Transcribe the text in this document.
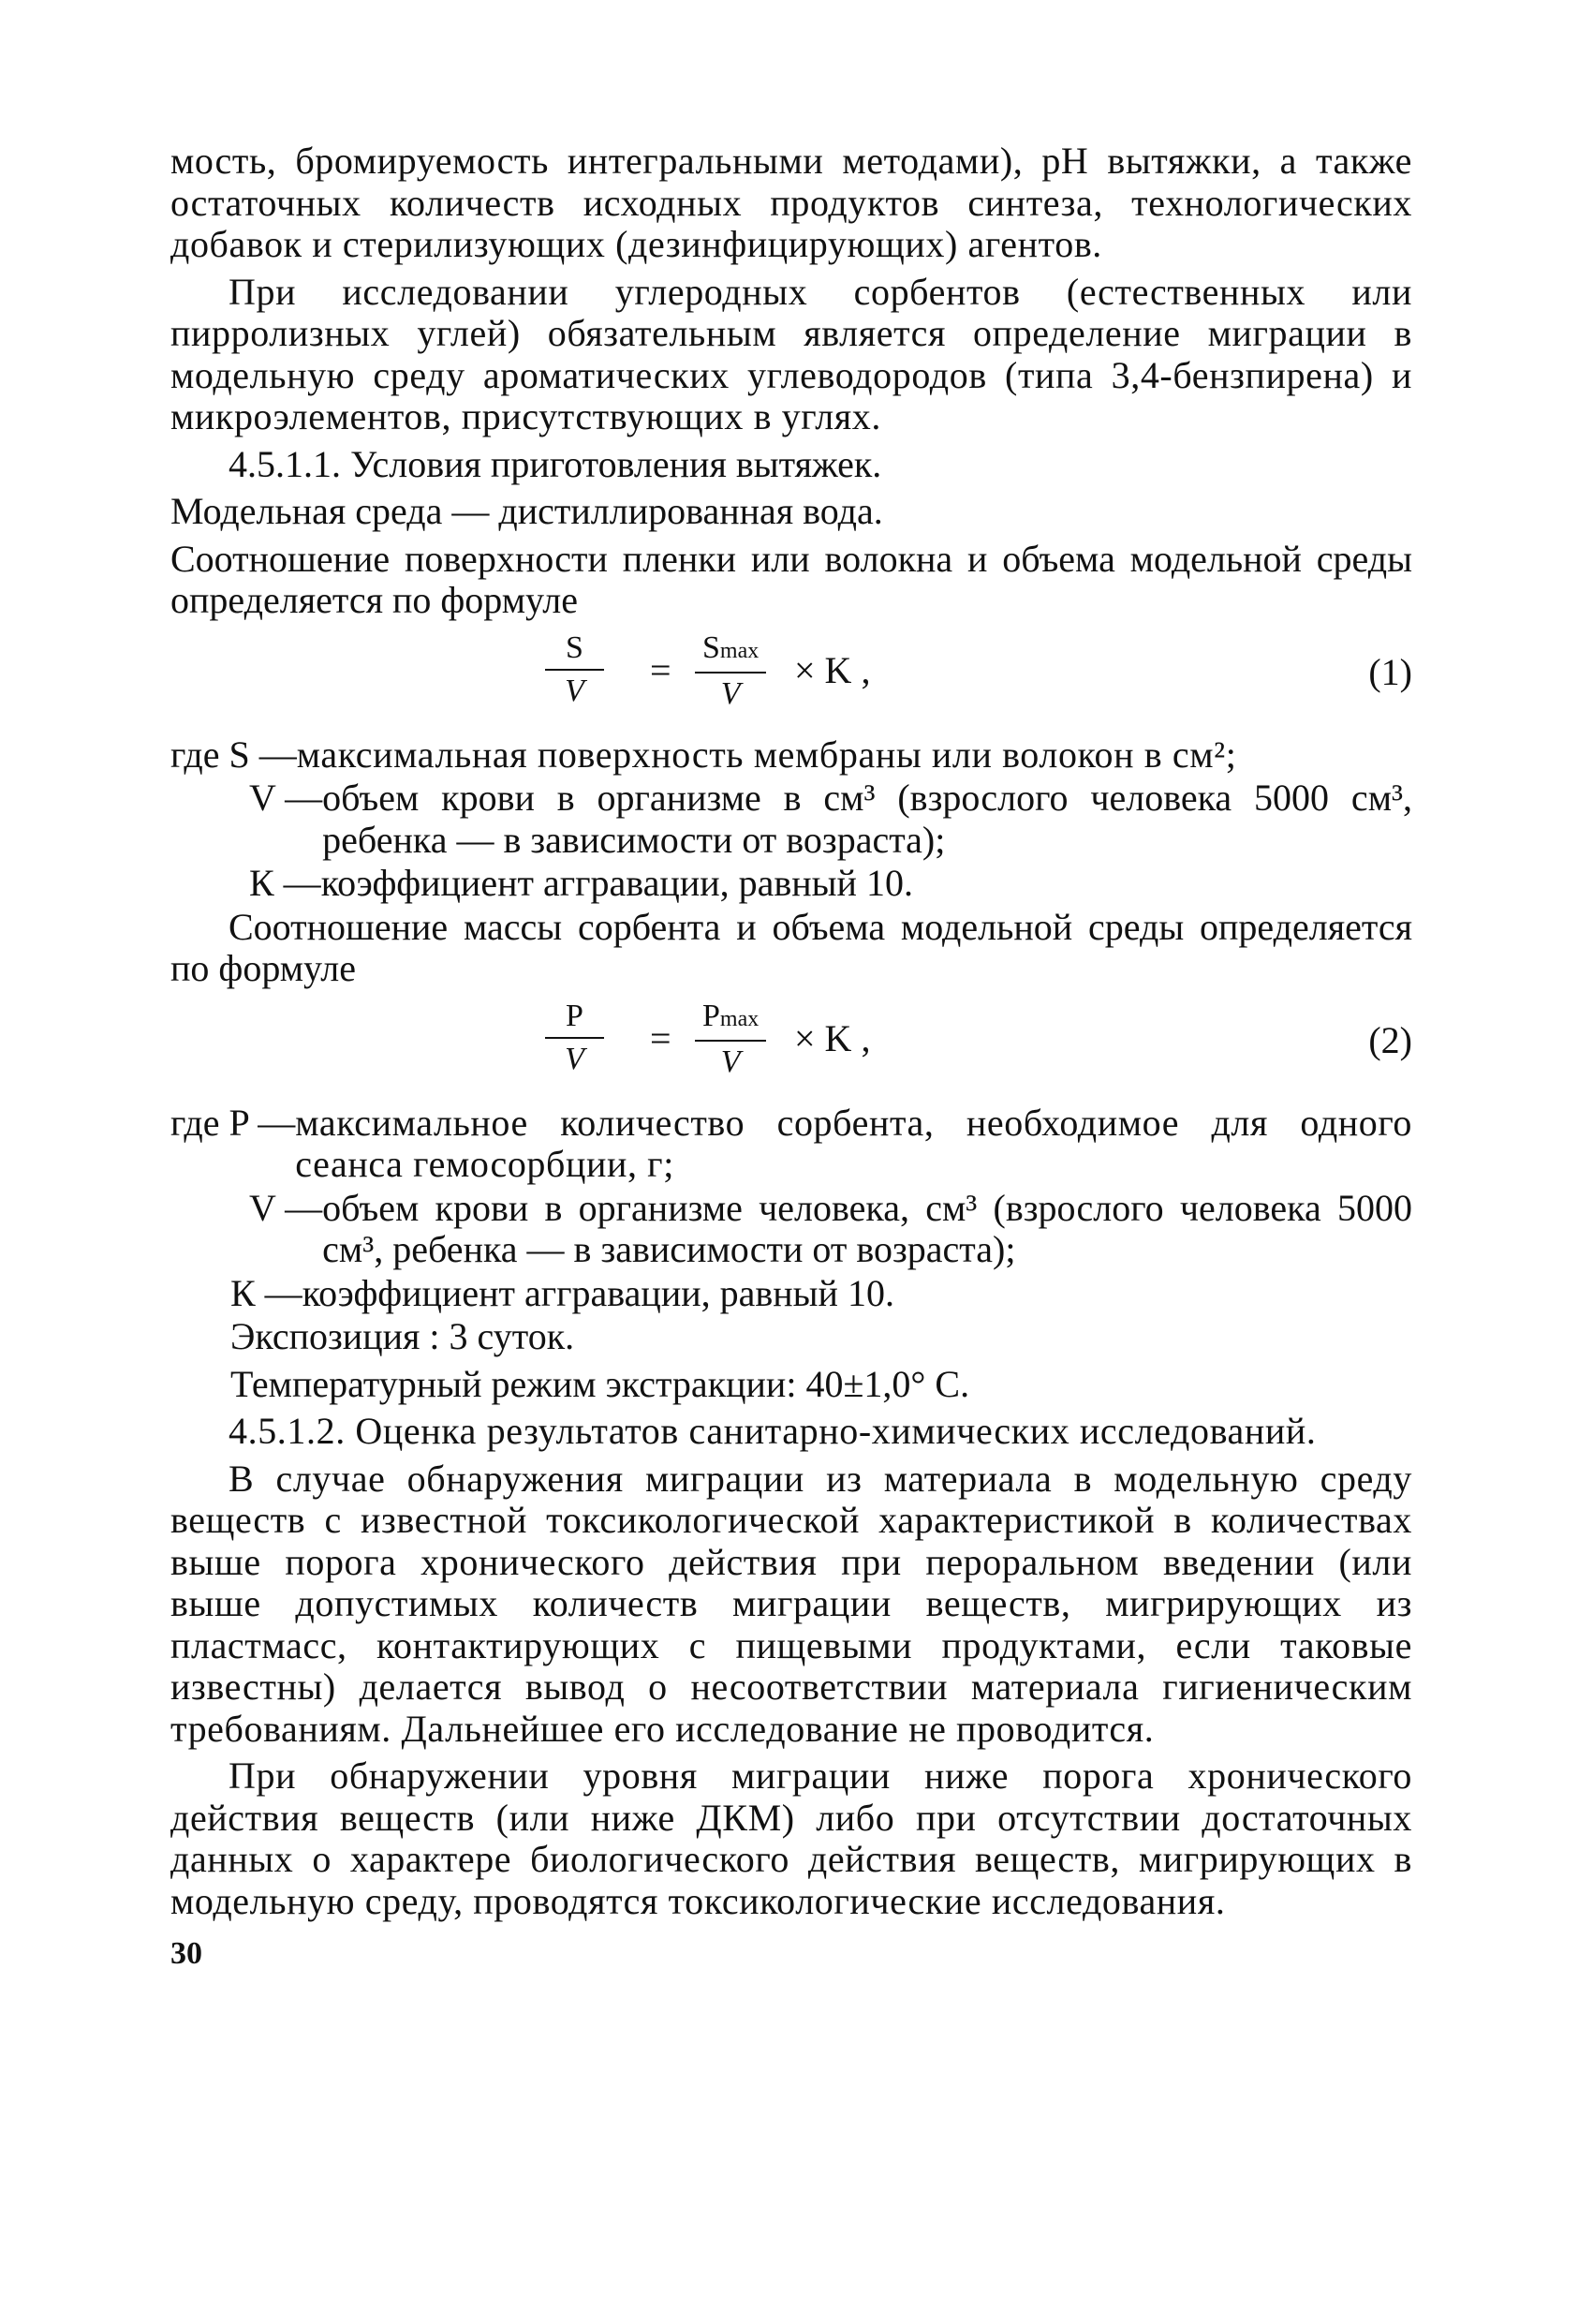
мость, бромируемость интегральными методами), pH вытяжки, а также остаточных количеств исходных продуктов синтеза, технологических добавок и стерилизующих (дезинфицирующих) агентов.

При исследовании углеродных сорбентов (естественных или пирролизных углей) обязательным является определение миграции в модельную среду ароматических углеводородов (типа 3,4-бензпирена) и микроэлементов, присутствующих в углях.

4.5.1.1. Условия приготовления вытяжек.

Модельная среда — дистиллированная вода.

Соотношение поверхности пленки или волокна и объема модельной среды определяется по формуле

$\frac{S}{V}$ =
Smax
V
× K ,	(1)
где S — максимальная поверхность мембраны или волокон в см²;
V — объем крови в организме в см³ (взрослого человека 5000 см³, ребенка — в зависимости от возраста);
К — коэффициент аггравации, равный 10.

Соотношение массы сорбента и объема модельной среды определяется по формуле

$\frac{P}{V}$ =
Pmax
V
× K ,	(2)
где P — максимальное количество сорбента, необходимое для одного сеанса гемосорбции, г;
V — объем крови в организме человека, см³ (взрослого человека 5000 см³, ребенка — в зависимости от возраста);
К — коэффициент аггравации, равный 10.

Экспозиция : 3 суток.

Температурный режим экстракции: 40±1,0° С.

4.5.1.2. Оценка результатов санитарно-химических исследований.

В случае обнаружения миграции из материала в модельную среду веществ с известной токсикологической характеристикой в количествах выше порога хронического действия при пероральном введении (или выше допустимых количеств миграции веществ, мигрирующих из пластмасс, контактирующих с пищевыми продуктами, если таковые известны) делается вывод о несоответствии материала гигиеническим требованиям. Дальнейшее его исследование не проводится.

При обнаружении уровня миграции ниже порога хронического действия веществ (или ниже ДКМ) либо при отсутствии достаточных данных о характере биологического действия веществ, мигрирующих в модельную среду, проводятся токсикологические исследования.

30
